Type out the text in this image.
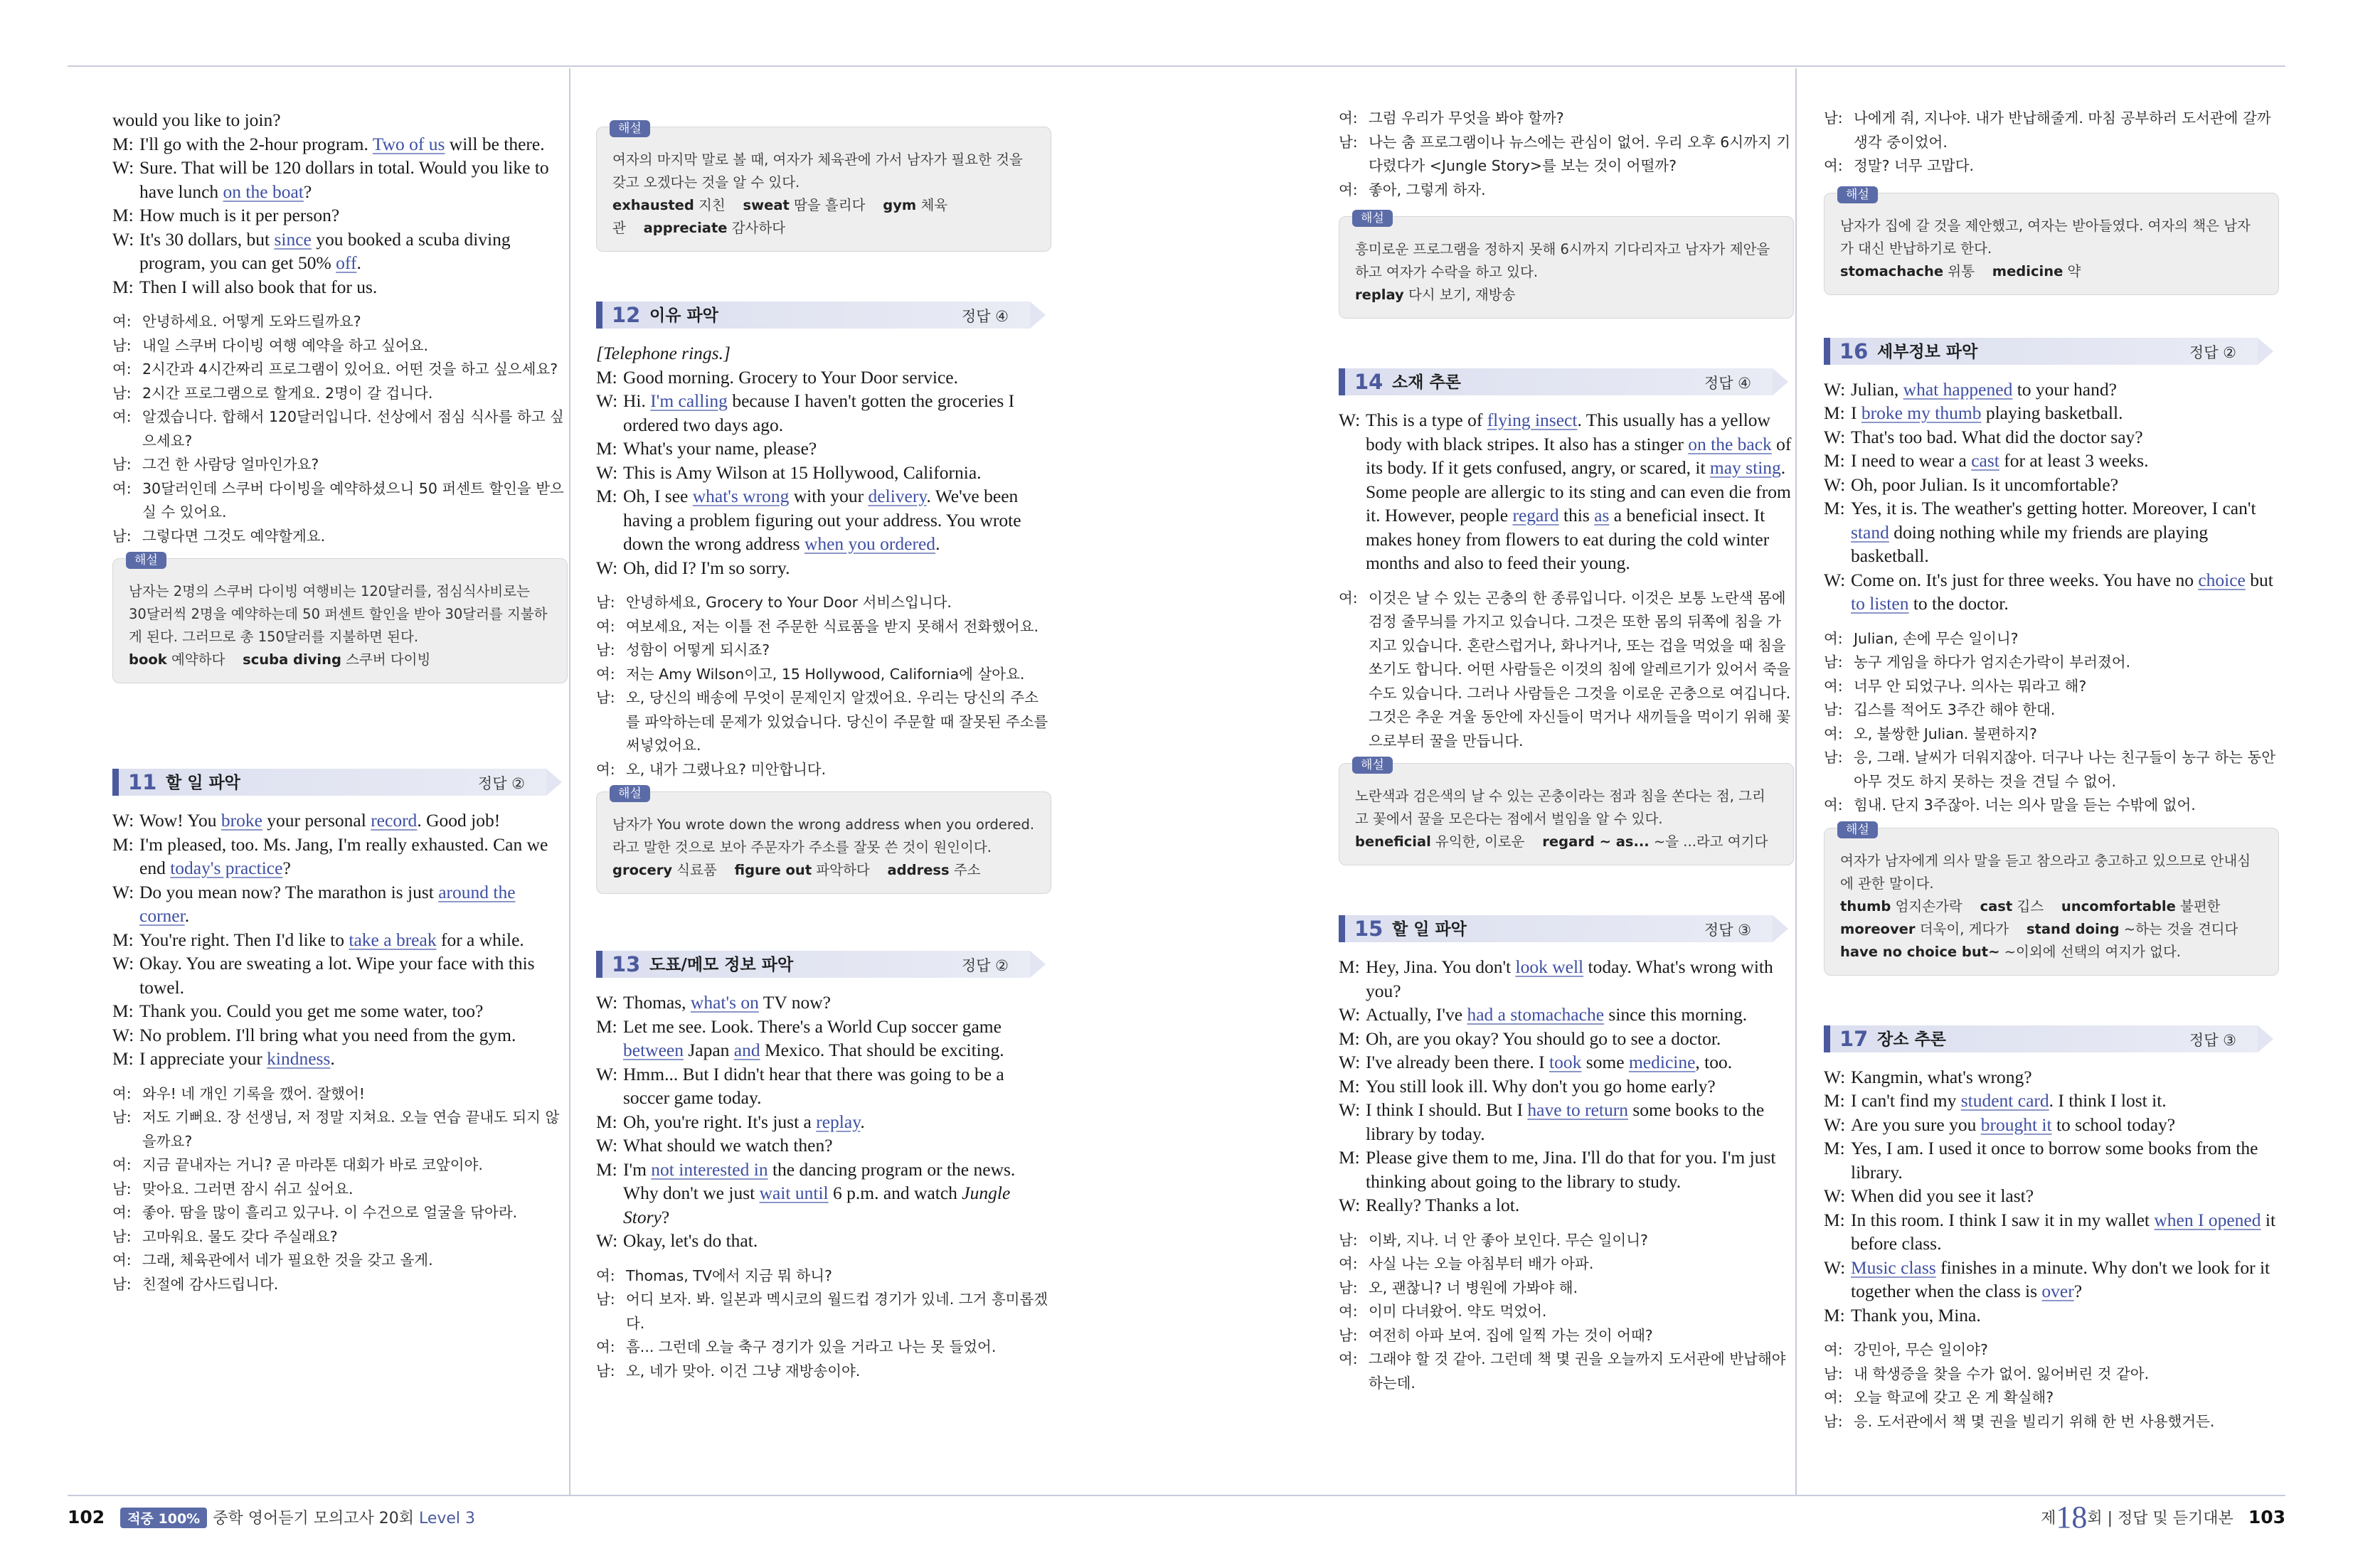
would you like to join?

M: I'll go with the 2-hour program. Two of us will be there.

W: Sure. That will be 120 dollars in total. Would you like to have lunch on the boat?

M: How much is it per person?

W: It's 30 dollars, but since you booked a scuba diving program, you can get 50% off.

M: Then I will also book that for us.

여: 안녕하세요. 어떻게 도와드릴까요?

남: 내일 스쿠버 다이빙 여행 예약을 하고 싶어요.

여: 2시간과 4시간짜리 프로그램이 있어요. 어떤 것을 하고 싶으세요?

남: 2시간 프로그램으로 할게요. 2명이 갈 겁니다.

여: 알겠습니다. 합해서 120달러입니다. 선상에서 점심 식사를 하고 싶으세요?

남: 그건 한 사람당 얼마인가요?

여: 30달러인데 스쿠버 다이빙을 예약하셨으니 50 퍼센트 할인을 받으실 수 있어요.

남: 그렇다면 그것도 예약할게요.

해설

남자는 2명의 스쿠버 다이빙 여행비는 120달러를, 점심식사비로는 30달러씩 2명을 예약하는데 50 퍼센트 할인을 받아 30달러를 지불하게 된다. 그러므로 총 150달러를 지불하면 된다.

book 예약하다 scuba diving 스쿠버 다이빙

11 할 일 파악	정답 ②

W: Wow! You broke your personal record. Good job!

M: I'm pleased, too. Ms. Jang, I'm really exhausted. Can we end today's practice?

W: Do you mean now? The marathon is just around the corner.

M: You're right. Then I'd like to take a break for a while.

W: Okay. You are sweating a lot. Wipe your face with this towel.

M: Thank you. Could you get me some water, too?

W: No problem. I'll bring what you need from the gym.

M: I appreciate your kindness.

여: 와우! 네 개인 기록을 깼어. 잘했어!

남: 저도 기뻐요. 장 선생님, 저 정말 지쳐요. 오늘 연습 끝내도 되지 않을까요?

여: 지금 끝내자는 거니? 곧 마라톤 대회가 바로 코앞이야.

남: 맞아요. 그러면 잠시 쉬고 싶어요.

여: 좋아. 땀을 많이 흘리고 있구나. 이 수건으로 얼굴을 닦아라.

남: 고마워요. 물도 갖다 주실래요?

여: 그래, 체육관에서 네가 필요한 것을 갖고 올게.

남: 친절에 감사드립니다.

해설

여자의 마지막 말로 볼 때, 여자가 체육관에 가서 남자가 필요한 것을 갖고 오겠다는 것을 알 수 있다.

exhausted 지친 sweat 땀을 흘리다 gym 체육관 appreciate 감사하다

12 이유 파악	정답 ④

[Telephone rings.]

M: Good morning. Grocery to Your Door service.

W: Hi. I'm calling because I haven't gotten the groceries I ordered two days ago.

M: What's your name, please?

W: This is Amy Wilson at 15 Hollywood, California.

M: Oh, I see what's wrong with your delivery. We've been having a problem figuring out your address. You wrote down the wrong address when you ordered.

W: Oh, did I? I'm so sorry.

남: 안녕하세요, Grocery to Your Door 서비스입니다.

여: 여보세요, 저는 이틀 전 주문한 식료품을 받지 못해서 전화했어요.

남: 성함이 어떻게 되시죠?

여: 저는 Amy Wilson이고, 15 Hollywood, California에 살아요.

남: 오, 당신의 배송에 무엇이 문제인지 알겠어요. 우리는 당신의 주소를 파악하는데 문제가 있었습니다. 당신이 주문할 때 잘못된 주소를 써넣었어요.

여: 오, 내가 그랬나요? 미안합니다.

해설

남자가 You wrote down the wrong address when you ordered.라고 말한 것으로 보아 주문자가 주소를 잘못 쓴 것이 원인이다.

grocery 식료품 figure out 파악하다 address 주소

13 도표/메모 정보 파악	정답 ②

W: Thomas, what's on TV now?

M: Let me see. Look. There's a World Cup soccer game between Japan and Mexico. That should be exciting.

W: Hmm... But I didn't hear that there was going to be a soccer game today.

M: Oh, you're right. It's just a replay.

W: What should we watch then?

M: I'm not interested in the dancing program or the news. Why don't we just wait until 6 p.m. and watch Jungle Story?

W: Okay, let's do that.

여: Thomas, TV에서 지금 뭐 하니?

남: 어디 보자. 봐. 일본과 멕시코의 월드컵 경기가 있네. 그거 흥미롭겠다.

여: 흠... 그런데 오늘 축구 경기가 있을 거라고 나는 못 들었어.

남: 오, 네가 맞아. 이건 그냥 재방송이야.

여: 그럼 우리가 무엇을 봐야 할까?

남: 나는 춤 프로그램이나 뉴스에는 관심이 없어. 우리 오후 6시까지 기다렸다가 <Jungle Story>를 보는 것이 어떨까?

여: 좋아, 그렇게 하자.

해설

흥미로운 프로그램을 정하지 못해 6시까지 기다리자고 남자가 제안을 하고 여자가 수락을 하고 있다.

replay 다시 보기, 재방송

14 소재 추론	정답 ④

W: This is a type of flying insect. This usually has a yellow body with black stripes. It also has a stinger on the back of its body. If it gets confused, angry, or scared, it may sting. Some people are allergic to its sting and can even die from it. However, people regard this as a beneficial insect. It makes honey from flowers to eat during the cold winter months and also to feed their young.

여: 이것은 날 수 있는 곤충의 한 종류입니다. 이것은 보통 노란색 몸에 검정 줄무늬를 가지고 있습니다. 그것은 또한 몸의 뒤쪽에 침을 가지고 있습니다. 혼란스럽거나, 화나거나, 또는 겁을 먹었을 때 침을 쏘기도 합니다. 어떤 사람들은 이것의 침에 알레르기가 있어서 죽을 수도 있습니다. 그러나 사람들은 그것을 이로운 곤충으로 여깁니다. 그것은 추운 겨울 동안에 자신들이 먹거나 새끼들을 먹이기 위해 꽃으로부터 꿀을 만듭니다.

해설

노란색과 검은색의 날 수 있는 곤충이라는 점과 침을 쏜다는 점, 그리고 꽃에서 꿀을 모은다는 점에서 벌임을 알 수 있다.

beneficial 유익한, 이로운 regard ~ as... ~을 ...라고 여기다

15 할 일 파악	정답 ③

M: Hey, Jina. You don't look well today. What's wrong with you?

W: Actually, I've had a stomachache since this morning.

M: Oh, are you okay? You should go to see a doctor.

W: I've already been there. I took some medicine, too.

M: You still look ill. Why don't you go home early?

W: I think I should. But I have to return some books to the library by today.

M: Please give them to me, Jina. I'll do that for you. I'm just thinking about going to the library to study.

W: Really? Thanks a lot.

남: 이봐, 지나. 너 안 좋아 보인다. 무슨 일이니?

여: 사실 나는 오늘 아침부터 배가 아파.

남: 오, 괜찮니? 너 병원에 가봐야 해.

여: 이미 다녀왔어. 약도 먹었어.

남: 여전히 아파 보여. 집에 일찍 가는 것이 어때?

여: 그래야 할 것 같아. 그런데 책 몇 권을 오늘까지 도서관에 반납해야 하는데.

남: 나에게 줘, 지나야. 내가 반납해줄게. 마침 공부하러 도서관에 갈까 생각 중이었어.

여: 정말? 너무 고맙다.

해설

남자가 집에 갈 것을 제안했고, 여자는 받아들였다. 여자의 책은 남자가 대신 반납하기로 한다.

stomachache 위통 medicine 약

16 세부정보 파악	정답 ②

W: Julian, what happened to your hand?

M: I broke my thumb playing basketball.

W: That's too bad. What did the doctor say?

M: I need to wear a cast for at least 3 weeks.

W: Oh, poor Julian. Is it uncomfortable?

M: Yes, it is. The weather's getting hotter. Moreover, I can't stand doing nothing while my friends are playing basketball.

W: Come on. It's just for three weeks. You have no choice but to listen to the doctor.

여: Julian, 손에 무슨 일이니?

남: 농구 게임을 하다가 엄지손가락이 부러졌어.

여: 너무 안 되었구나. 의사는 뭐라고 해?

남: 깁스를 적어도 3주간 해야 한대.

여: 오, 불쌍한 Julian. 불편하지?

남: 응, 그래. 날씨가 더워지잖아. 더구나 나는 친구들이 농구 하는 동안 아무 것도 하지 못하는 것을 견딜 수 없어.

여: 힘내. 단지 3주잖아. 너는 의사 말을 듣는 수밖에 없어.

해설

여자가 남자에게 의사 말을 듣고 참으라고 충고하고 있으므로 안내심에 관한 말이다.

thumb 엄지손가락 cast 깁스 uncomfortable 불편한

moreover 더욱이, 게다가 stand doing ~하는 것을 견디다

have no choice but~ ~이외에 선택의 여지가 없다.

17 장소 추론	정답 ③

W: Kangmin, what's wrong?

M: I can't find my student card. I think I lost it.

W: Are you sure you brought it to school today?

M: Yes, I am. I used it once to borrow some books from the library.

W: When did you see it last?

M: In this room. I think I saw it in my wallet when I opened it before class.

W: Music class finishes in a minute. Why don't we look for it together when the class is over?

M: Thank you, Mina.

여: 강민아, 무슨 일이야?

남: 내 학생증을 찾을 수가 없어. 잃어버린 것 같아.

여: 오늘 학교에 갖고 온 게 확실해?

남: 응. 도서관에서 책 몇 권을 빌리기 위해 한 번 사용했거든.

102 적중 100% 중학 영어듣기 모의고사 20회 Level 3	제18회 | 정답 및 듣기대본 103
